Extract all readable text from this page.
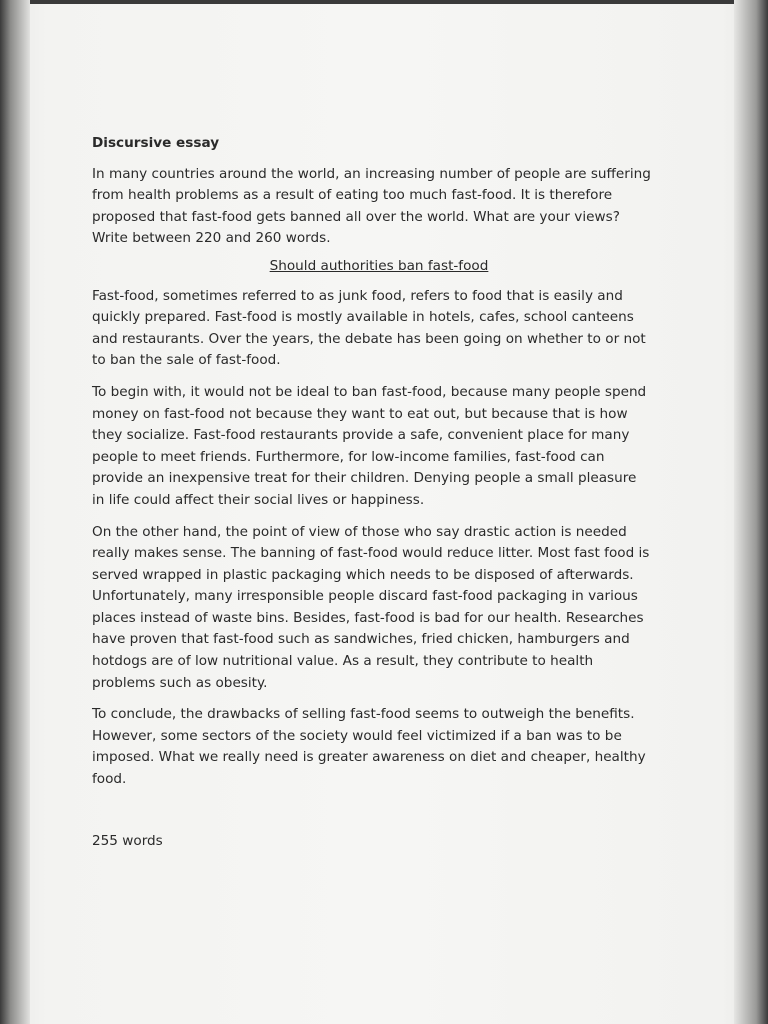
Discursive essay
In many countries around the world, an increasing number of people are suffering from health problems as a result of eating too much fast-food. It is therefore proposed that fast-food gets banned all over the world. What are your views? Write between 220 and 260 words.
Should authorities ban fast-food
Fast-food, sometimes referred to as junk food, refers to food that is easily and quickly prepared. Fast-food is mostly available in hotels, cafes, school canteens and restaurants. Over the years, the debate has been going on whether to or not to ban the sale of fast-food.
To begin with, it would not be ideal to ban fast-food, because many people spend money on fast-food not because they want to eat out, but because that is how they socialize. Fast-food restaurants provide a safe, convenient place for many people to meet friends. Furthermore, for low-income families, fast-food can provide an inexpensive treat for their children. Denying people a small pleasure in life could affect their social lives or happiness.
On the other hand, the point of view of those who say drastic action is needed really makes sense. The banning of fast-food would reduce litter. Most fast food is served wrapped in plastic packaging which needs to be disposed of afterwards. Unfortunately, many irresponsible people discard fast-food packaging in various places instead of waste bins. Besides, fast-food is bad for our health. Researches have proven that fast-food such as sandwiches, fried chicken, hamburgers and hotdogs are of low nutritional value. As a result, they contribute to health problems such as obesity.
To conclude, the drawbacks of selling fast-food seems to outweigh the benefits. However, some sectors of the society would feel victimized if a ban was to be imposed. What we really need is greater awareness on diet and cheaper, healthy food.
255 words
